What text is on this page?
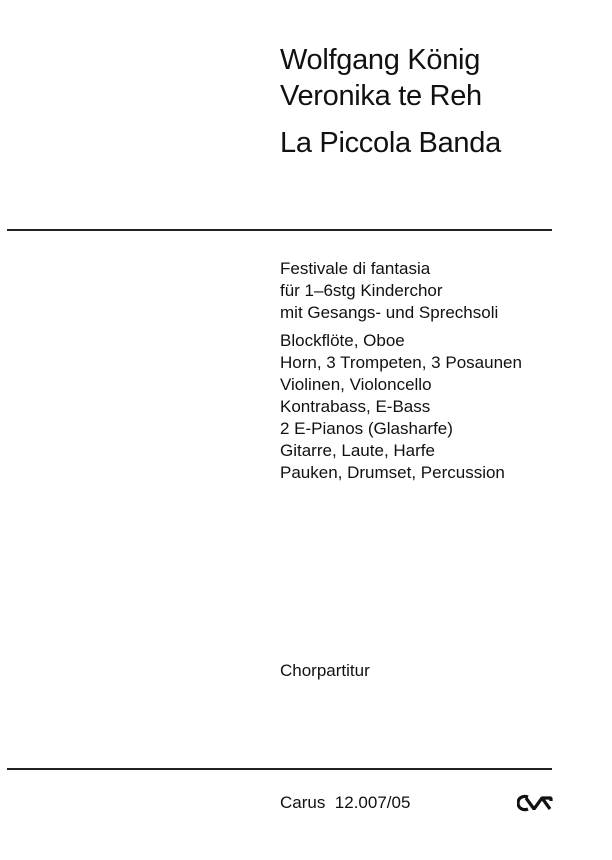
Wolfgang König
Veronika te Reh
La Piccola Banda
Festivale di fantasia
für 1–6stg Kinderchor
mit Gesangs- und Sprechsoli
Blockflöte, Oboe
Horn, 3 Trompeten, 3 Posaunen
Violinen, Violoncello
Kontrabass, E-Bass
2 E-Pianos (Glasharfe)
Gitarre, Laute, Harfe
Pauken, Drumset, Percussion
Chorpartitur
Carus  12.007/05
